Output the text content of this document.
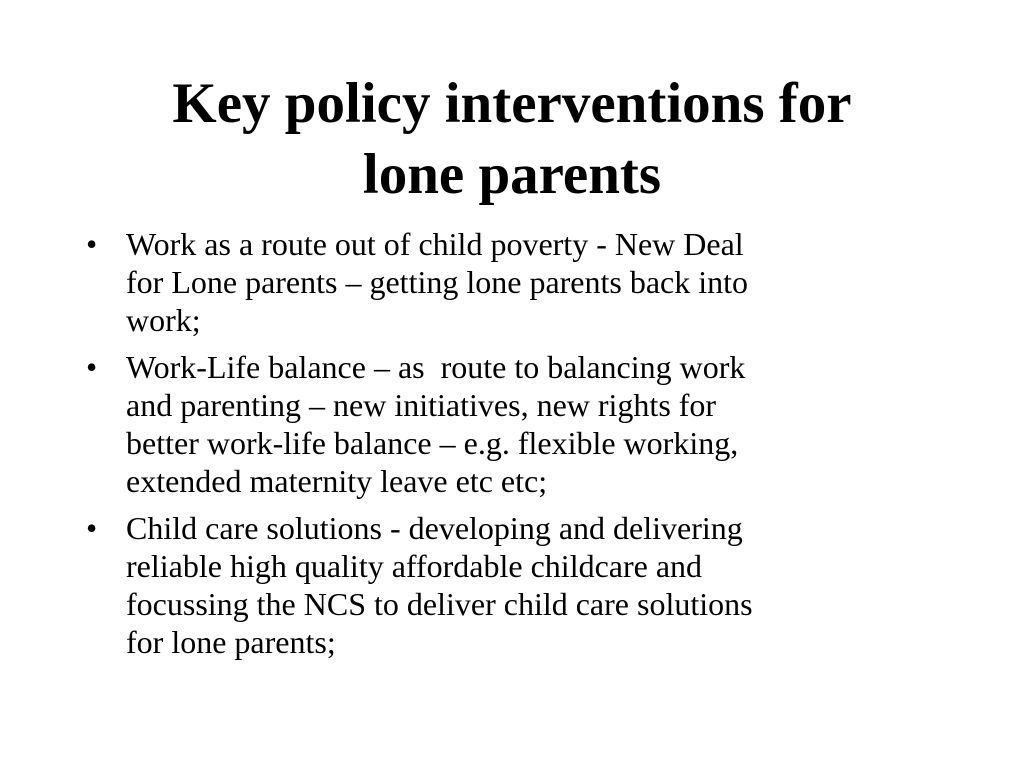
Key policy interventions for
lone parents
• Work as a route out of child poverty - New Deal
for Lone parents – getting lone parents back into
work;
• Work-Life balance – as  route to balancing work
and parenting – new initiatives, new rights for
better work-life balance – e.g. flexible working,
extended maternity leave etc etc;
• Child care solutions - developing and delivering
reliable high quality affordable childcare and
focussing the NCS to deliver child care solutions
for lone parents;
